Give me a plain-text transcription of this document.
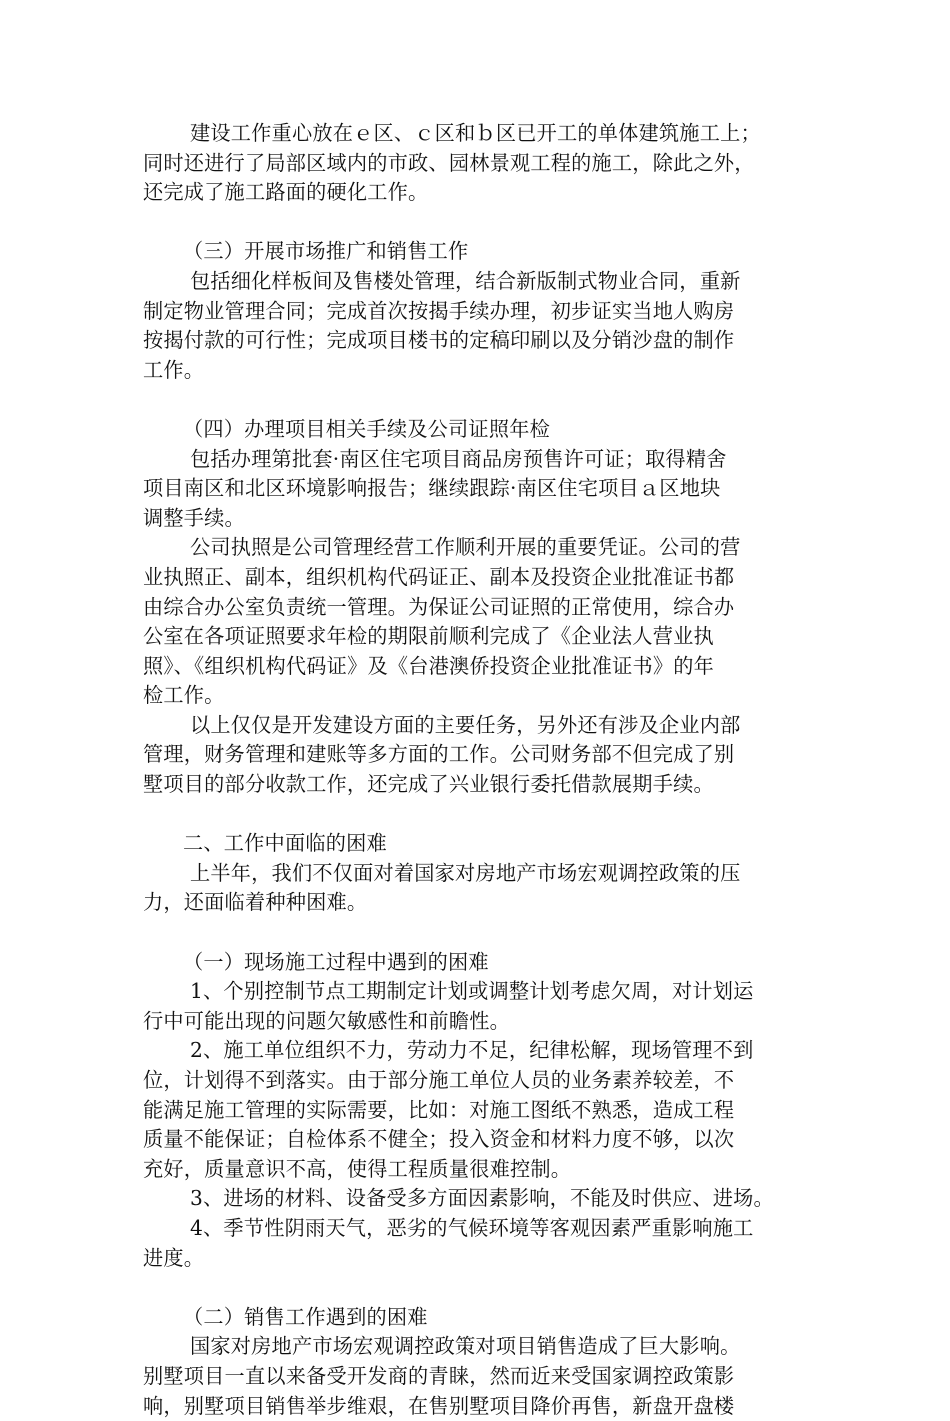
建设工作重心放在ｅ区、ｃ区和ｂ区已开工的单体建筑施工上；
同时还进行了局部区域内的市政、园林景观工程的施工，除此之外，
还完成了施工路面的硬化工作。
（三）开展市场推广和销售工作
包括细化样板间及售楼处管理，结合新版制式物业合同，重新
制定物业管理合同；完成首次按揭手续办理，初步证实当地人购房
按揭付款的可行性；完成项目楼书的定稿印刷以及分销沙盘的制作
工作。
（四）办理项目相关手续及公司证照年检
包括办理第批套·南区住宅项目商品房预售许可证；取得精舍
项目南区和北区环境影响报告；继续跟踪·南区住宅项目ａ区地块
调整手续。
公司执照是公司管理经营工作顺利开展的重要凭证。公司的营
业执照正、副本，组织机构代码证正、副本及投资企业批准证书都
由综合办公室负责统一管理。为保证公司证照的正常使用，综合办
公室在各项证照要求年检的期限前顺利完成了《企业法人营业执
照》、《组织机构代码证》及《台港澳侨投资企业批准证书》的年
检工作。
以上仅仅是开发建设方面的主要任务，另外还有涉及企业内部
管理，财务管理和建账等多方面的工作。公司财务部不但完成了别
墅项目的部分收款工作，还完成了兴业银行委托借款展期手续。
二、工作中面临的困难
上半年，我们不仅面对着国家对房地产市场宏观调控政策的压
力，还面临着种种困难。
（一）现场施工过程中遇到的困难
1、个别控制节点工期制定计划或调整计划考虑欠周，对计划运
行中可能出现的问题欠敏感性和前瞻性。
2、施工单位组织不力，劳动力不足，纪律松解，现场管理不到
位，计划得不到落实。由于部分施工单位人员的业务素养较差，不
能满足施工管理的实际需要，比如：对施工图纸不熟悉，造成工程
质量不能保证；自检体系不健全；投入资金和材料力度不够，以次
充好，质量意识不高，使得工程质量很难控制。
3、进场的材料、设备受多方面因素影响，不能及时供应、进场。
4、季节性阴雨天气，恶劣的气候环境等客观因素严重影响施工
进度。
（二）销售工作遇到的困难
国家对房地产市场宏观调控政策对项目销售造成了巨大影响。
别墅项目一直以来备受开发商的青睐，然而近来受国家调控政策影
响，别墅项目销售举步维艰，在售别墅项目降价再售，新盘开盘楼
